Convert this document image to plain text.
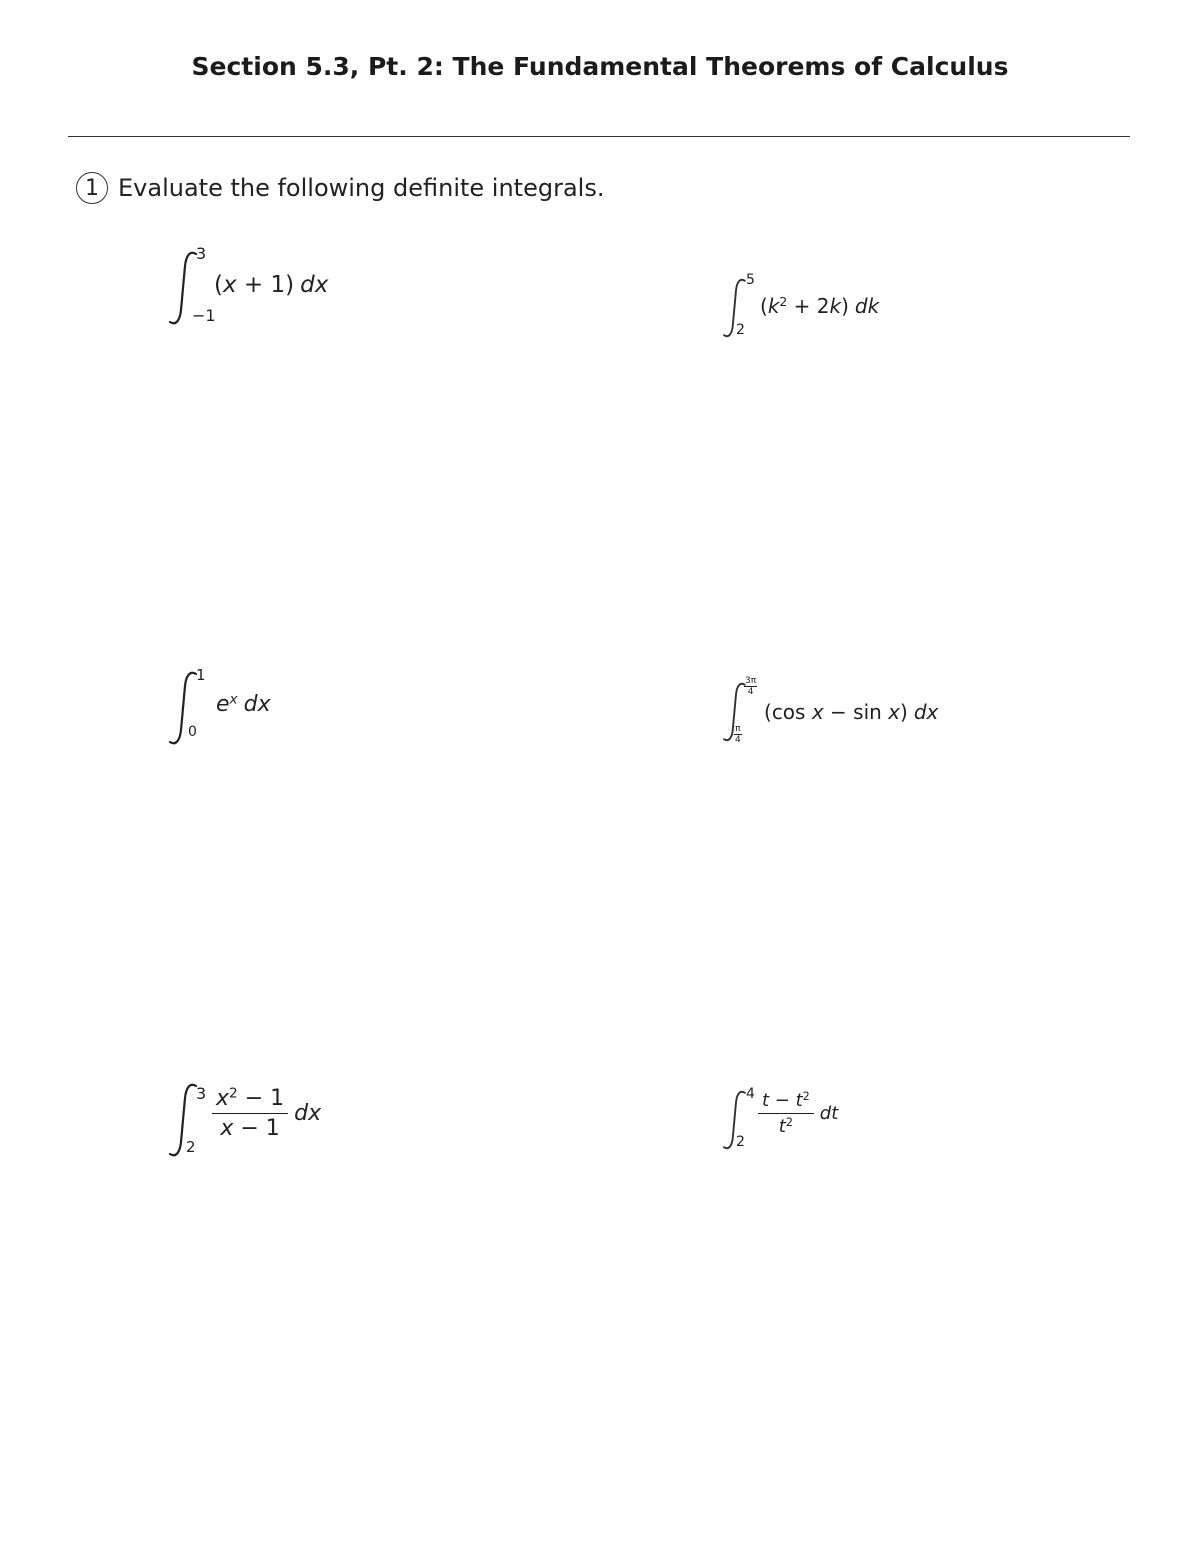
Section 5.3, Pt. 2: The Fundamental Theorems of Calculus
1 Evaluate the following definite integrals.
3
−1
(x + 1) dx	5
2
$(k^2 + 2k)$ dk
1
0
$e^x$ dx
$\frac{3\pi}{4}$
$\frac{\pi}{4}$
(cos x − sin x) dx
3
2
$\frac{x^2 - 1}{x - 1}$ dx
4
2
$\frac{t - t^2}{t^2}$ dt
